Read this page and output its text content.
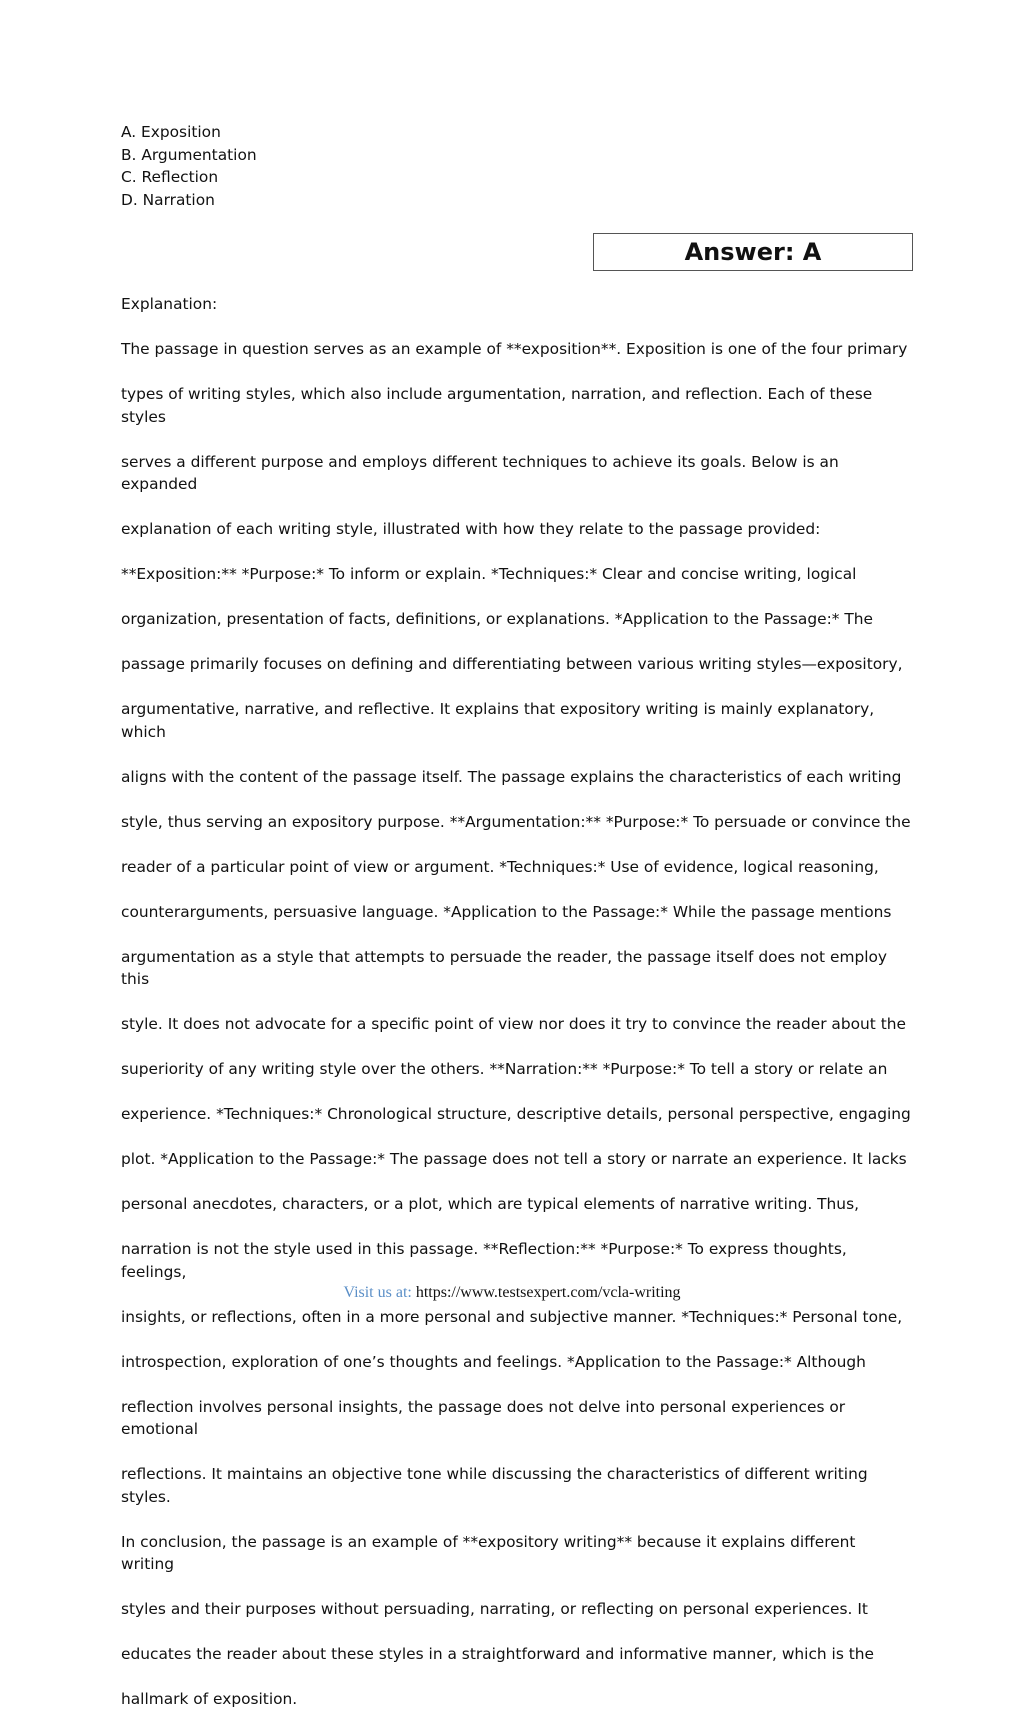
A. Exposition
B. Argumentation
C. Reflection
D. Narration
Answer: A

Explanation:

The passage in question serves as an example of **exposition**. Exposition is one of the four primary

types of writing styles, which also include argumentation, narration, and reflection. Each of these styles

serves a different purpose and employs different techniques to achieve its goals. Below is an expanded

explanation of each writing style, illustrated with how they relate to the passage provided:

**Exposition:** *Purpose:* To inform or explain. *Techniques:* Clear and concise writing, logical

organization, presentation of facts, definitions, or explanations. *Application to the Passage:* The

passage primarily focuses on defining and differentiating between various writing styles—expository,

argumentative, narrative, and reflective. It explains that expository writing is mainly explanatory, which

aligns with the content of the passage itself. The passage explains the characteristics of each writing

style, thus serving an expository purpose. **Argumentation:** *Purpose:* To persuade or convince the

reader of a particular point of view or argument. *Techniques:* Use of evidence, logical reasoning,

counterarguments, persuasive language. *Application to the Passage:* While the passage mentions

argumentation as a style that attempts to persuade the reader, the passage itself does not employ this

style. It does not advocate for a specific point of view nor does it try to convince the reader about the

superiority of any writing style over the others. **Narration:** *Purpose:* To tell a story or relate an

experience. *Techniques:* Chronological structure, descriptive details, personal perspective, engaging

plot. *Application to the Passage:* The passage does not tell a story or narrate an experience. It lacks

personal anecdotes, characters, or a plot, which are typical elements of narrative writing. Thus,

narration is not the style used in this passage. **Reflection:** *Purpose:* To express thoughts, feelings,

insights, or reflections, often in a more personal and subjective manner. *Techniques:* Personal tone,

introspection, exploration of one’s thoughts and feelings. *Application to the Passage:* Although

reflection involves personal insights, the passage does not delve into personal experiences or emotional

reflections. It maintains an objective tone while discussing the characteristics of different writing styles.

In conclusion, the passage is an example of **expository writing** because it explains different writing

styles and their purposes without persuading, narrating, or reflecting on personal experiences. It

educates the reader about these styles in a straightforward and informative manner, which is the

hallmark of exposition.

Visit us at: https://www.testsexpert.com/vcla-writing
